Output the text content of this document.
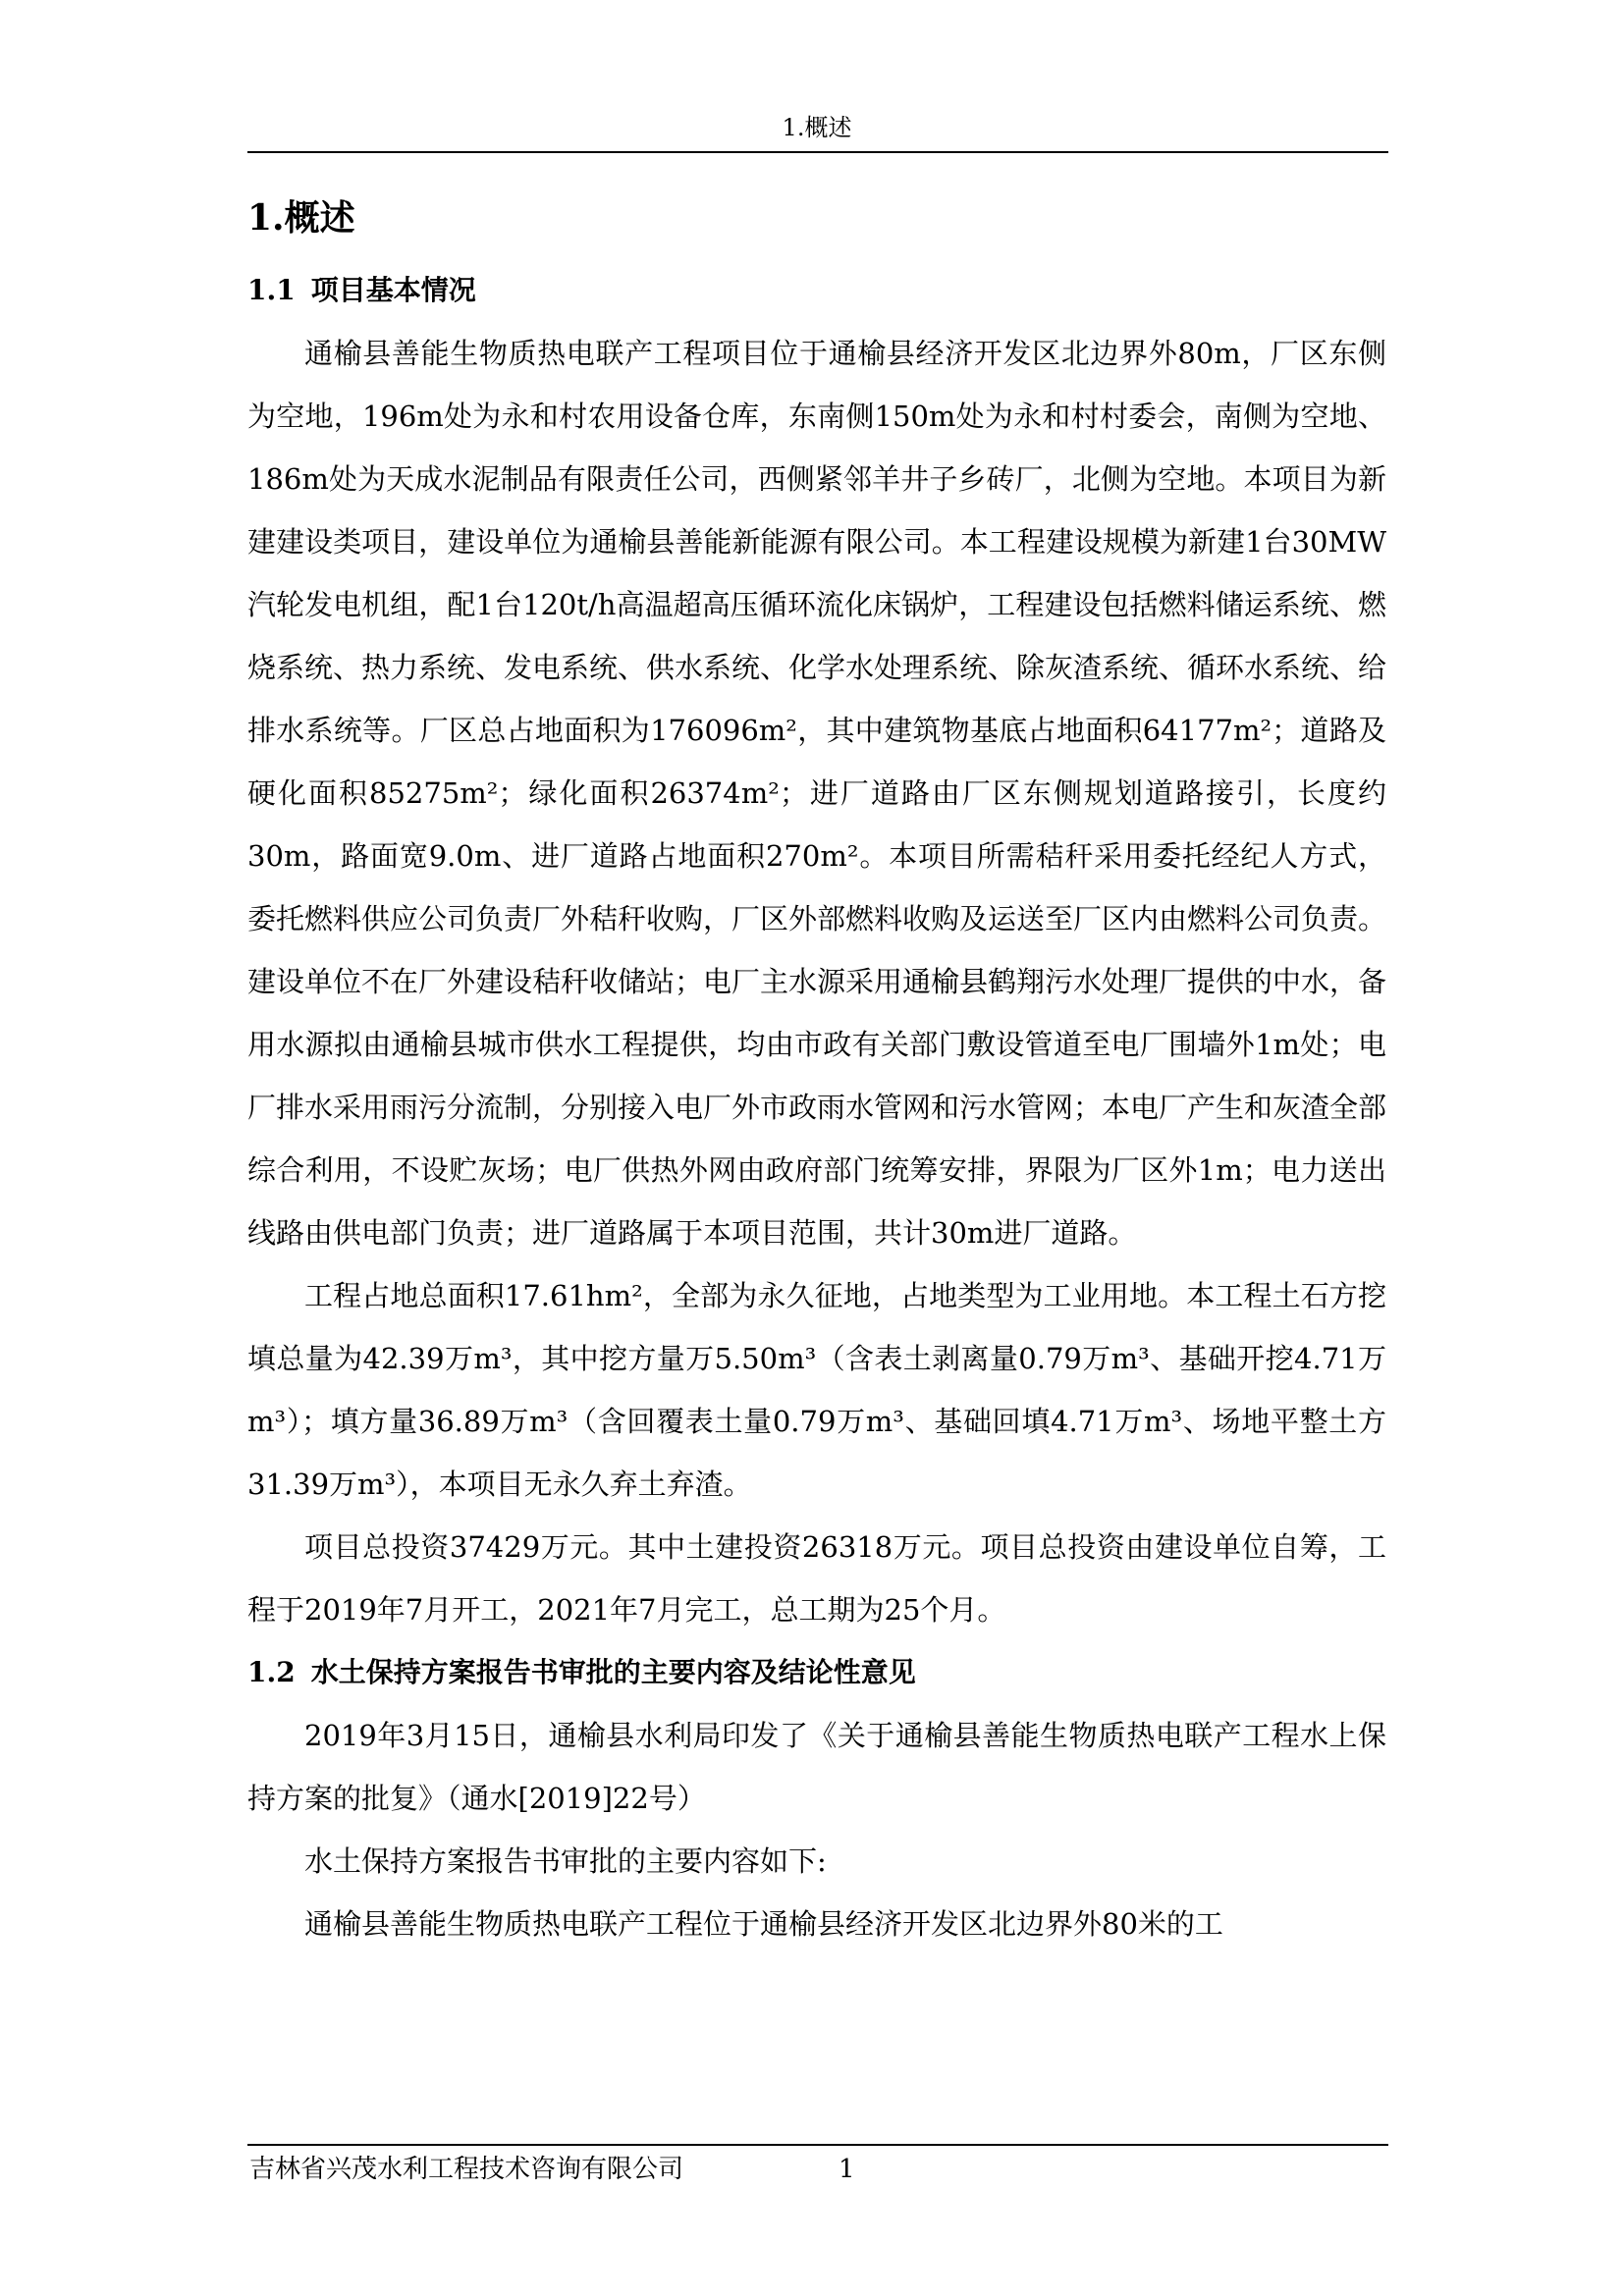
1.概述
1.概述
1.1 项目基本情况

通榆县善能生物质热电联产工程项目位于通榆县经济开发区北边界外80m，厂区东侧为空地，196m处为永和村农用设备仓库，东南侧150m处为永和村村委会，南侧为空地、186m处为天成水泥制品有限责任公司，西侧紧邻羊井子乡砖厂，北侧为空地。本项目为新建建设类项目，建设单位为通榆县善能新能源有限公司。本工程建设规模为新建1台30MW汽轮发电机组，配1台120t/h高温超高压循环流化床锅炉，工程建设包括燃料储运系统、燃烧系统、热力系统、发电系统、供水系统、化学水处理系统、除灰渣系统、循环水系统、给排水系统等。厂区总占地面积为176096m²，其中建筑物基底占地面积64177m²；道路及硬化面积85275m²；绿化面积26374m²；进厂道路由厂区东侧规划道路接引，长度约30m，路面宽9.0m、进厂道路占地面积270m²。本项目所需秸秆采用委托经纪人方式，委托燃料供应公司负责厂外秸秆收购，厂区外部燃料收购及运送至厂区内由燃料公司负责。建设单位不在厂外建设秸秆收储站；电厂主水源采用通榆县鹤翔污水处理厂提供的中水，备用水源拟由通榆县城市供水工程提供，均由市政有关部门敷设管道至电厂围墙外1m处；电厂排水采用雨污分流制，分别接入电厂外市政雨水管网和污水管网；本电厂产生和灰渣全部综合利用，不设贮灰场；电厂供热外网由政府部门统筹安排，界限为厂区外1m；电力送出线路由供电部门负责；进厂道路属于本项目范围，共计30m进厂道路。

工程占地总面积17.61hm²，全部为永久征地，占地类型为工业用地。本工程土石方挖填总量为42.39万m³，其中挖方量万5.50m³（含表土剥离量0.79万m³、基础开挖4.71万m³）；填方量36.89万m³（含回覆表土量0.79万m³、基础回填4.71万m³、场地平整土方31.39万m³），本项目无永久弃土弃渣。

项目总投资37429万元。其中土建投资26318万元。项目总投资由建设单位自筹，工程于2019年7月开工，2021年7月完工，总工期为25个月。

1.2 水土保持方案报告书审批的主要内容及结论性意见

2019年3月15日，通榆县水利局印发了《关于通榆县善能生物质热电联产工程水上保持方案的批复》（通水[2019]22号）

水土保持方案报告书审批的主要内容如下:

通榆县善能生物质热电联产工程位于通榆县经济开发区北边界外80米的工

吉林省兴茂水利工程技术咨询有限公司	1
